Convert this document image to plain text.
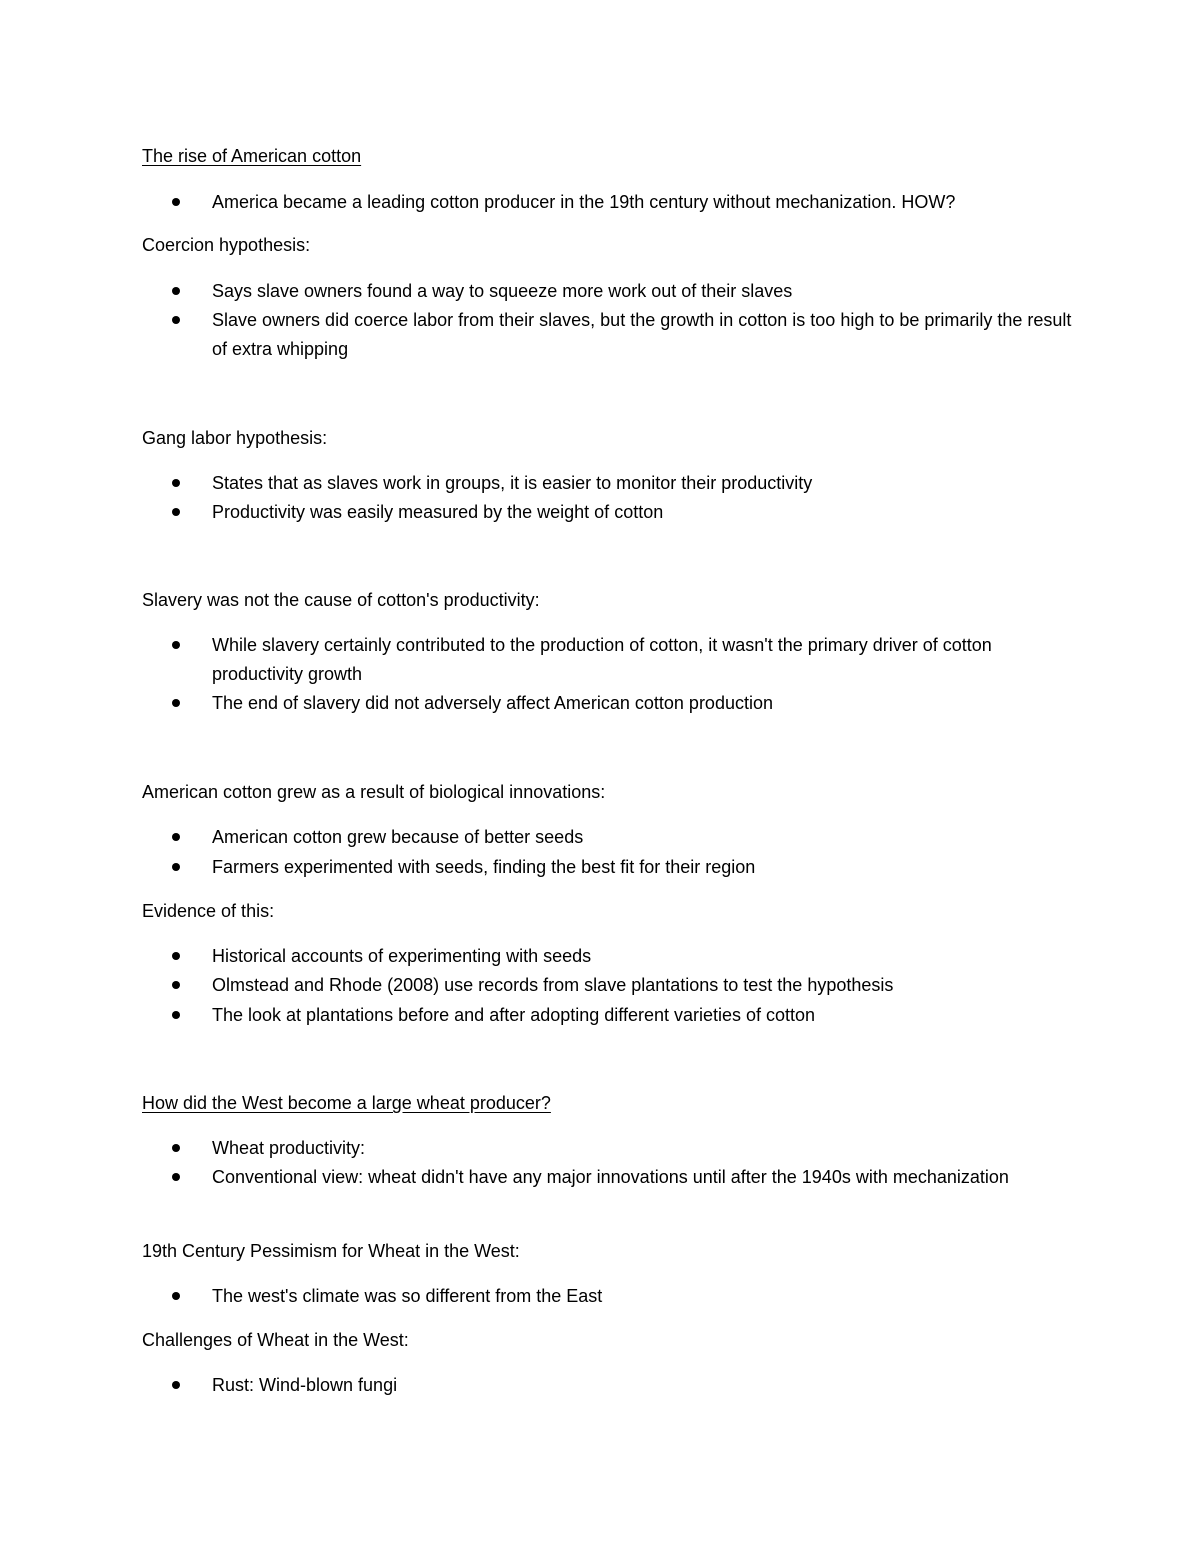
The rise of American cotton
America became a leading cotton producer in the 19th century without mechanization. HOW?
Coercion hypothesis:
Says slave owners found a way to squeeze more work out of their slaves
Slave owners did coerce labor from their slaves, but the growth in cotton is too high to be primarily the result of extra whipping
Gang labor hypothesis:
States that as slaves work in groups, it is easier to monitor their productivity
Productivity was easily measured by the weight of cotton
Slavery was not the cause of cotton's productivity:
While slavery certainly contributed to the production of cotton, it wasn't the primary driver of cotton productivity growth
The end of slavery did not adversely affect American cotton production
American cotton grew as a result of biological innovations:
American cotton grew because of better seeds
Farmers experimented with seeds, finding the best fit for their region
Evidence of this:
Historical accounts of experimenting with seeds
Olmstead and Rhode (2008) use records from slave plantations to test the hypothesis
The look at plantations before and after adopting different varieties of cotton
How did the West become a large wheat producer?
Wheat productivity:
Conventional view: wheat didn't have any major innovations until after the 1940s with mechanization
19th Century Pessimism for Wheat in the West:
The west's climate was so different from the East
Challenges of Wheat in the West:
Rust: Wind-blown fungi
